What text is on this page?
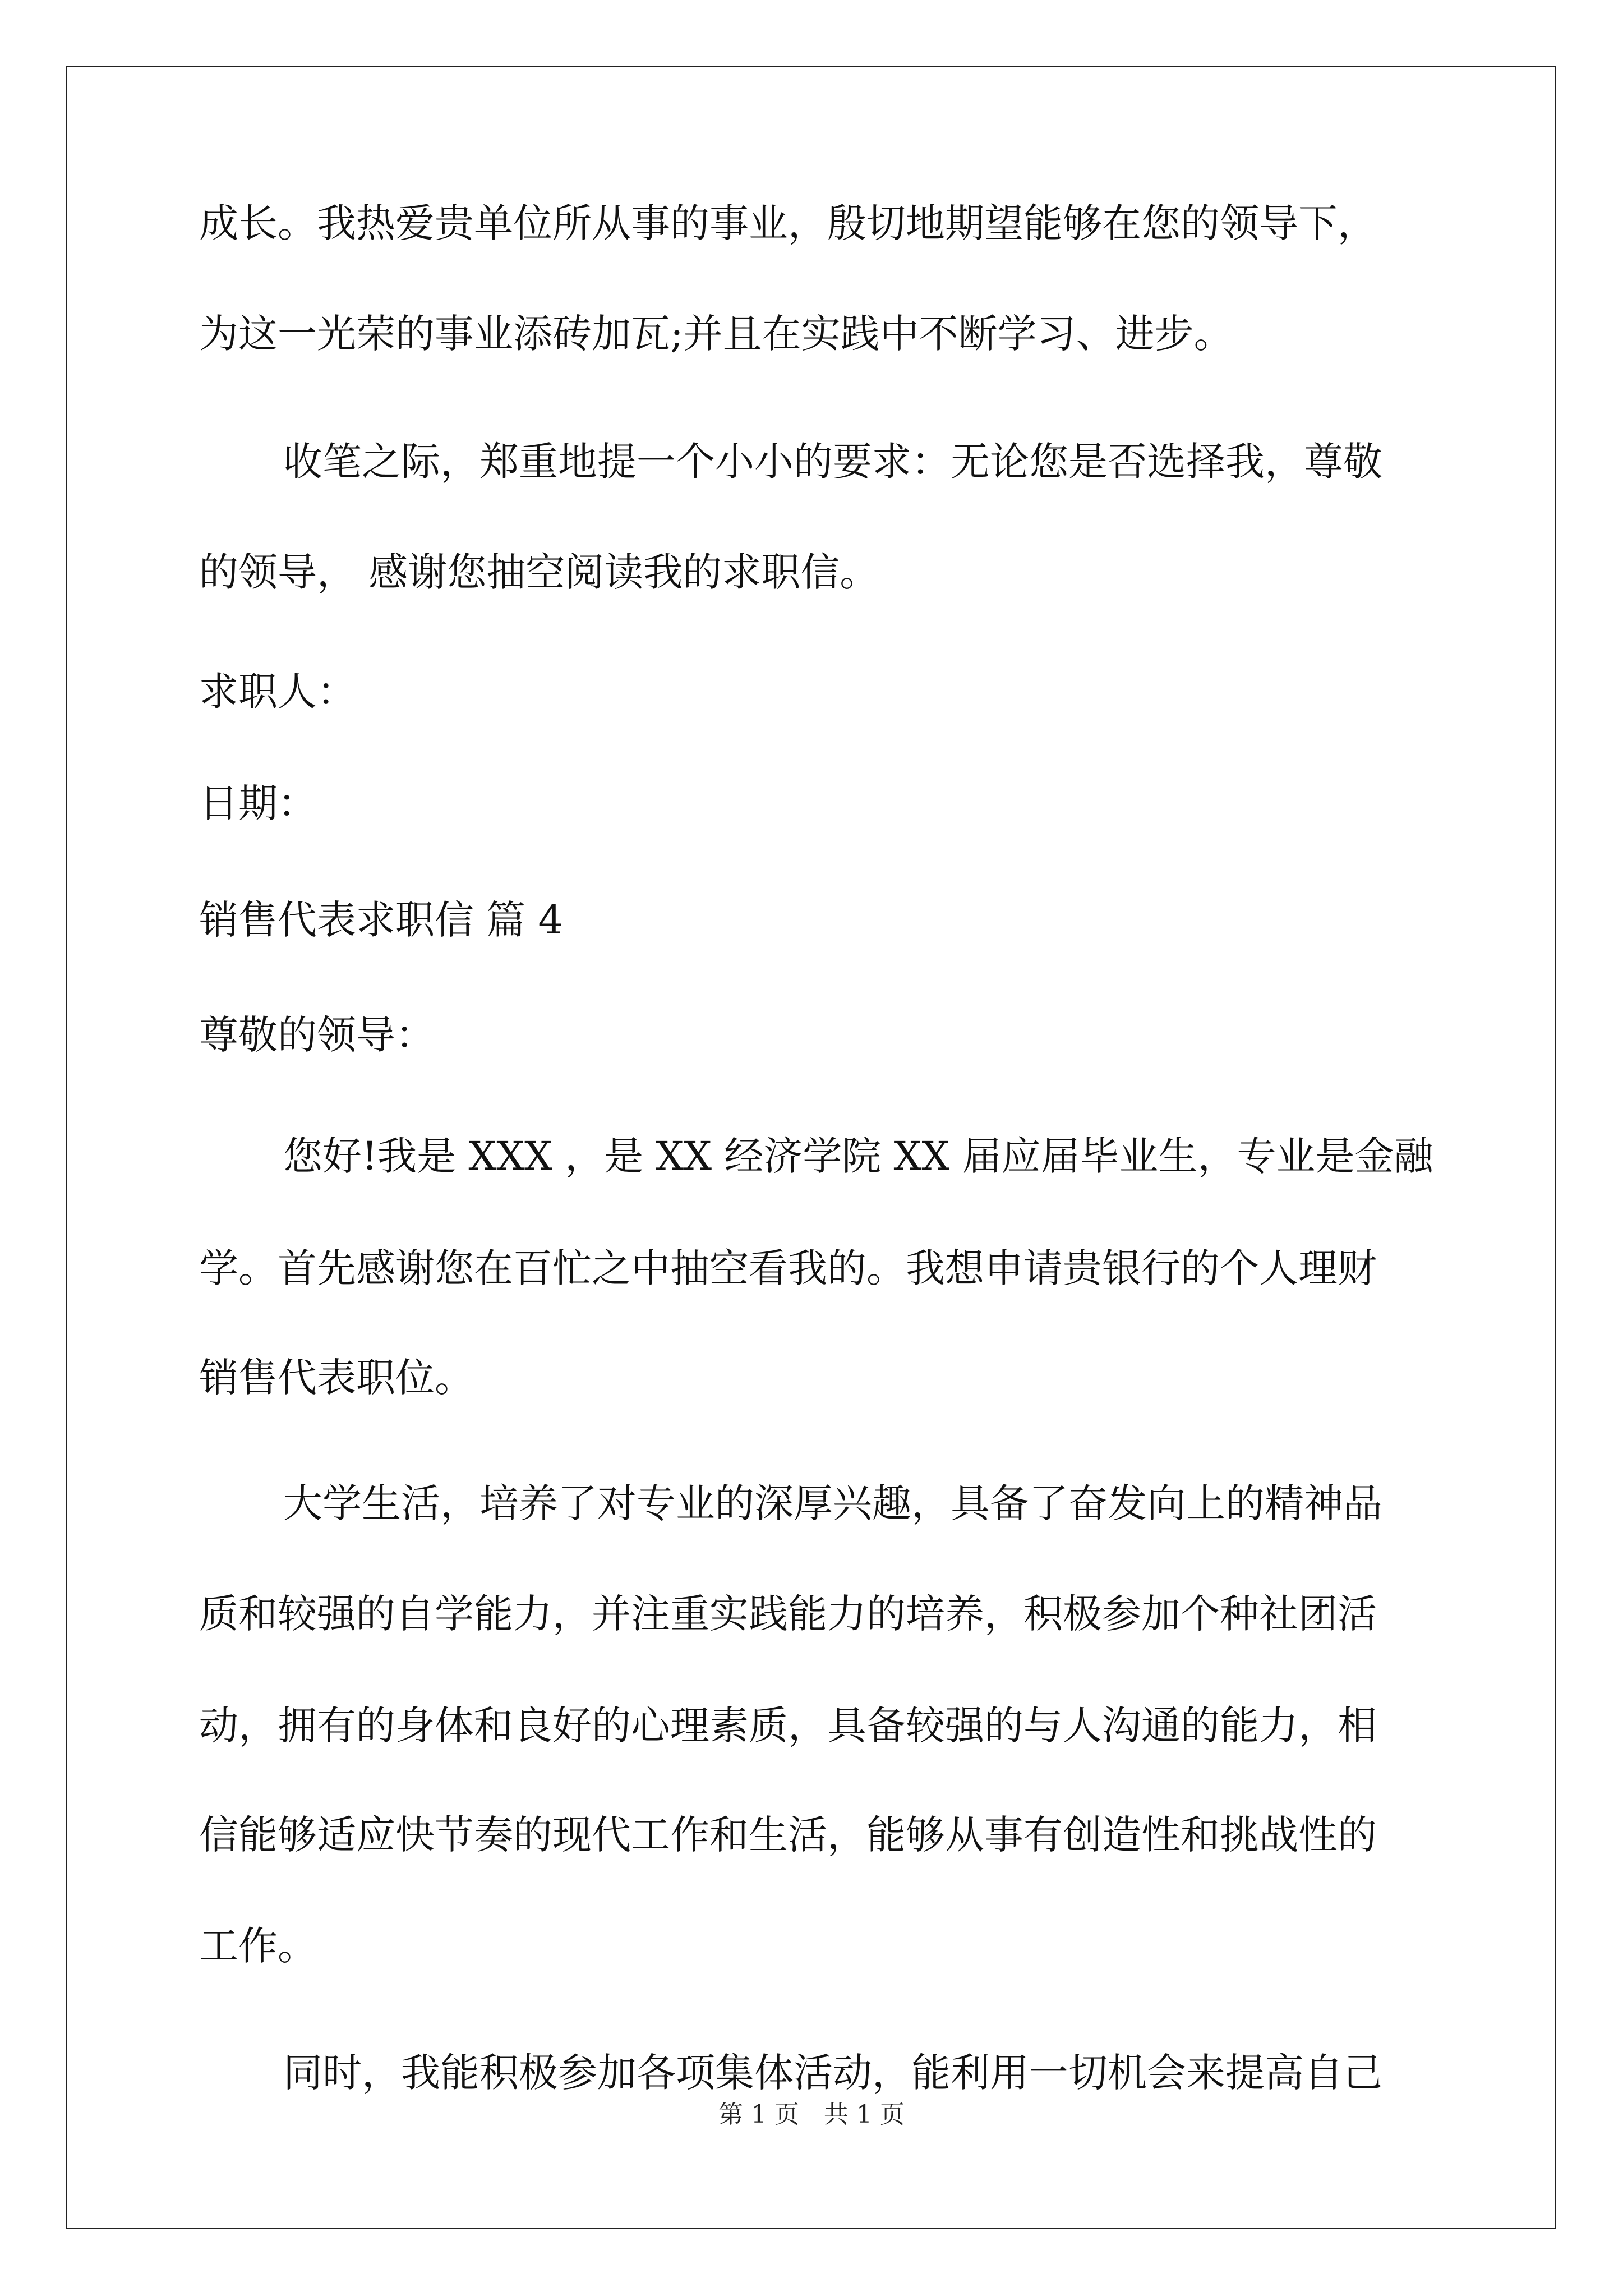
成长。我热爱贵单位所从事的事业，殷切地期望能够在您的领导下，
为这一光荣的事业添砖加瓦;并且在实践中不断学习、进步。
收笔之际，郑重地提一个小小的要求：无论您是否选择我，尊敬
的领导， 感谢您抽空阅读我的求职信。
求职人：
日期：
销售代表求职信 篇 4
尊敬的领导：
您好!我是 XXX ，是 XX 经济学院 XX 届应届毕业生，专业是金融
学。首先感谢您在百忙之中抽空看我的。我想申请贵银行的个人理财
销售代表职位。
大学生活，培养了对专业的深厚兴趣，具备了奋发向上的精神品
质和较强的自学能力，并注重实践能力的培养，积极参加个种社团活
动，拥有的身体和良好的心理素质，具备较强的与人沟通的能力，相
信能够适应快节奏的现代工作和生活，能够从事有创造性和挑战性的
工作。
同时，我能积极参加各项集体活动，能利用一切机会来提高自己
第 1 页 共 1 页
